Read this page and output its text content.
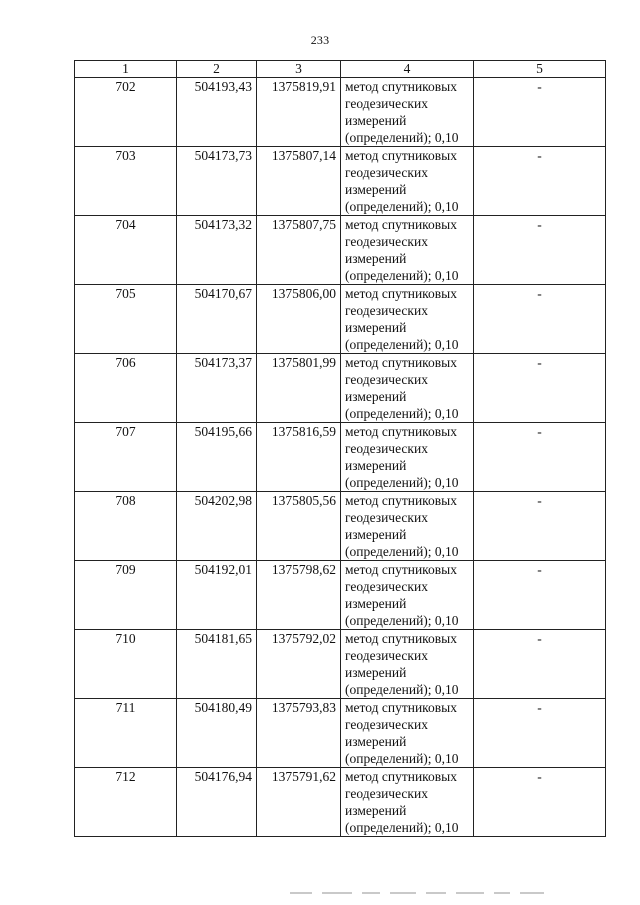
233
1	2	3	4	5
702	504193,43	1375819,91	метод спутниковых
геодезических
измерений
(определений); 0,10	-
703	504173,73	1375807,14	метод спутниковых
геодезических
измерений
(определений); 0,10	-
704	504173,32	1375807,75	метод спутниковых
геодезических
измерений
(определений); 0,10	-
705	504170,67	1375806,00	метод спутниковых
геодезических
измерений
(определений); 0,10	-
706	504173,37	1375801,99	метод спутниковых
геодезических
измерений
(определений); 0,10	-
707	504195,66	1375816,59	метод спутниковых
геодезических
измерений
(определений); 0,10	-
708	504202,98	1375805,56	метод спутниковых
геодезических
измерений
(определений); 0,10	-
709	504192,01	1375798,62	метод спутниковых
геодезических
измерений
(определений); 0,10	-
710	504181,65	1375792,02	метод спутниковых
геодезических
измерений
(определений); 0,10	-
711	504180,49	1375793,83	метод спутниковых
геодезических
измерений
(определений); 0,10	-
712	504176,94	1375791,62	метод спутниковых
геодезических
измерений
(определений); 0,10	-
